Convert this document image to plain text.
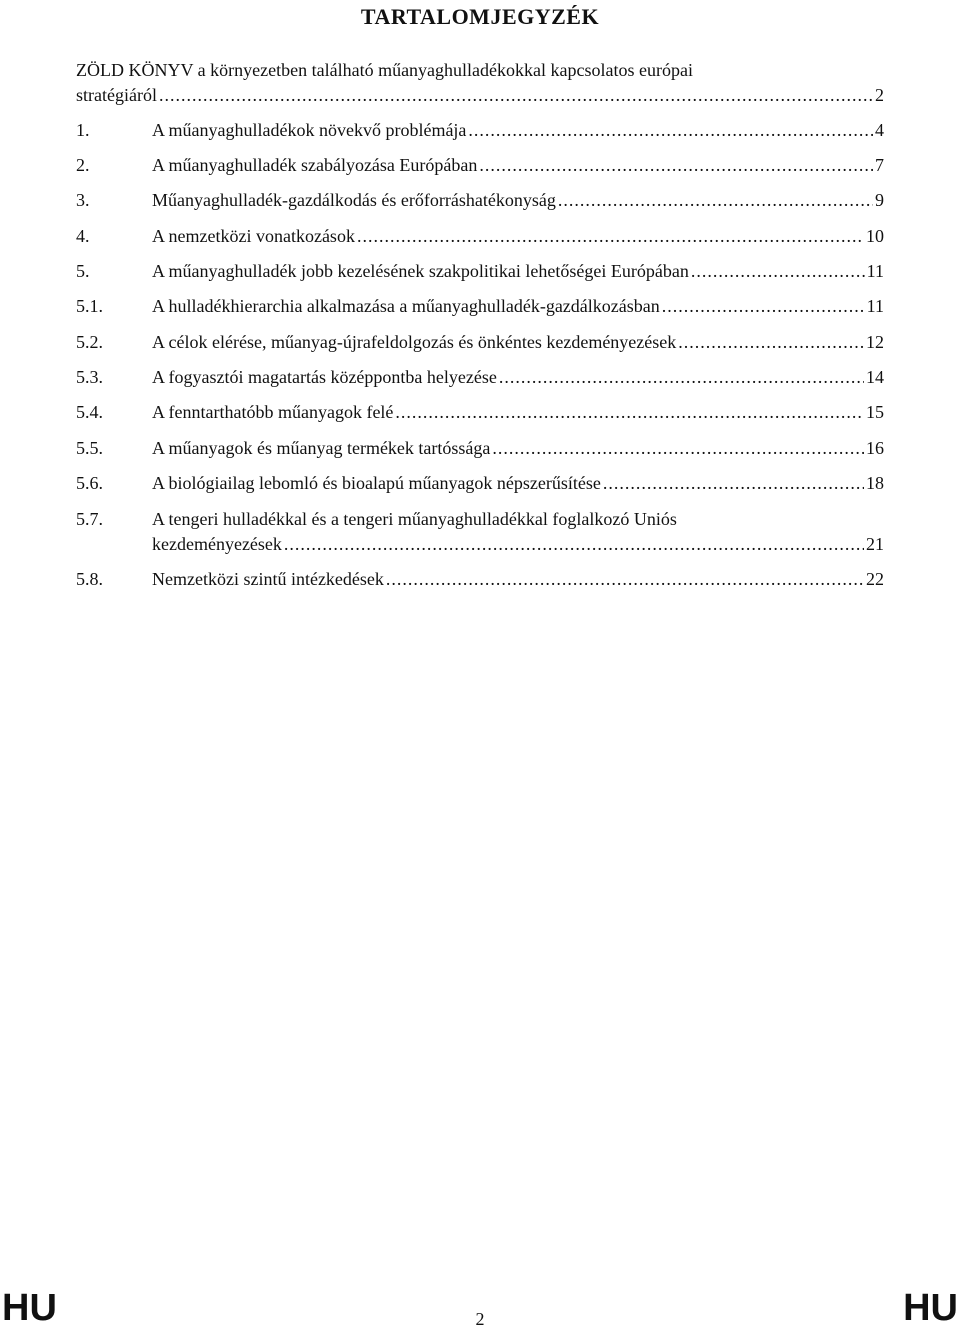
TARTALOMJEGYZÉK
ZÖLD KÖNYV a környezetben található műanyaghulladékokkal kapcsolatos európai
stratégiáról .....	2
1.	A műanyaghulladékok növekvő problémája .....	4
2.	A műanyaghulladék szabályozása Európában .....	7
3.	Műanyaghulladék-gazdálkodás és erőforráshatékonyság .....	9
4.	A nemzetközi vonatkozások .....	10
5.	A műanyaghulladék jobb kezelésének szakpolitikai lehetőségei Európában .....	11
5.1.	A hulladékhierarchia alkalmazása a műanyaghulladék-gazdálkozásban .....	11
5.2.	A célok elérése, műanyag-újrafeldolgozás és önkéntes kezdeményezések .....	12
5.3.	A fogyasztói magatartás középpontba helyezése .....	14
5.4.	A fenntarthatóbb műanyagok felé .....	15
5.5.	A műanyagok és műanyag termékek tartóssága .....	16
5.6.	A biológiailag lebomló és bioalapú műanyagok népszerűsítése .....	18
5.7.	A tengeri hulladékkal és a tengeri műanyaghulladékkal foglalkozó Uniós
kezdeményezések .....	21
5.8.	Nemzetközi szintű intézkedések .....	22
HU	2	HU
